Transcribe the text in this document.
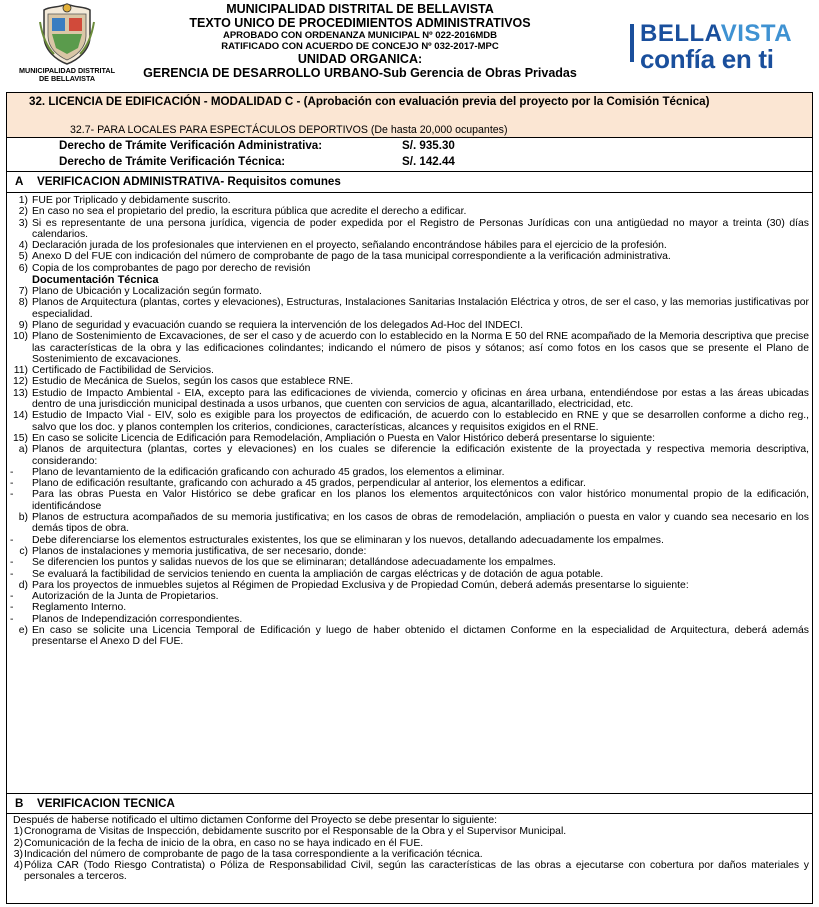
MUNICIPALIDAD DISTRITAL
DE BELLAVISTA
MUNICIPALIDAD DISTRITAL DE BELLAVISTA
TEXTO UNICO DE PROCEDIMIENTOS ADMINISTRATIVOS
APROBADO CON ORDENANZA MUNICIPAL Nº 022-2016MDB
RATIFICADO CON ACUERDO DE CONCEJO Nº 032-2017-MPC
UNIDAD ORGANICA:
GERENCIA DE DESARROLLO URBANO-Sub Gerencia de Obras Privadas
BELLAVISTA
confía en ti
32. LICENCIA DE EDIFICACIÓN - MODALIDAD C - (Aprobación con evaluación previa del proyecto por la Comisión Técnica)
32.7- PARA LOCALES PARA ESPECTÁCULOS DEPORTIVOS (De hasta 20,000 ocupantes)
Derecho de Trámite Verificación Administrativa:	S/. 935.30
Derecho de Trámite Verificación Técnica:	S/. 142.44
A VERIFICACION ADMINISTRATIVA- Requisitos comunes
1) FUE por Triplicado y debidamente suscrito.
2) En caso no sea el propietario del predio, la escritura pública que acredite el derecho a edificar.
3) Si es representante de una persona jurídica, vigencia de poder expedida por el Registro de Personas Jurídicas con una antigüedad no mayor a treinta (30) días calendarios.
4) Declaración jurada de los profesionales que intervienen en el proyecto, señalando encontrándose hábiles para el ejercicio de la profesión.
5) Anexo D del FUE con indicación del número de comprobante de pago de la tasa municipal correspondiente a la verificación administrativa.
6) Copia de los comprobantes de pago por derecho de revisión
Documentación Técnica
7) Plano de Ubicación y Localización según formato.
8) Planos de Arquitectura (plantas, cortes y elevaciones), Estructuras, Instalaciones Sanitarias Instalación Eléctrica y otros, de ser el caso, y las memorias justificativas por especialidad.
9) Plano de seguridad y evacuación cuando se requiera la intervención de los delegados Ad-Hoc del INDECI.
10) Plano de Sostenimiento de Excavaciones, de ser el caso y de acuerdo con lo establecido en la Norma E 50 del RNE acompañado de la Memoria descriptiva que precise las características de la obra y las edificaciones colindantes; indicando el número de pisos y sótanos; así como fotos en los casos que se presente el Plano de Sostenimiento de excavaciones.
11) Certificado de Factibilidad de Servicios.
12) Estudio de Mecánica de Suelos, según los casos que establece RNE.
13) Estudio de Impacto Ambiental - EIA, excepto para las edificaciones de vivienda, comercio y oficinas en área urbana, entendiéndose por estas a las áreas ubicadas dentro de una jurisdicción municipal destinada a usos urbanos, que cuenten con servicios de agua, alcantarillado, electricidad, etc.
14) Estudio de Impacto Vial - EIV, solo es exigible para los proyectos de edificación, de acuerdo con lo establecido en RNE y que se desarrollen conforme a dicho reg., salvo que los doc. y planos contemplen los criterios, condiciones, características, alcances y requisitos exigidos en el RNE.
15) En caso se solicite Licencia de Edificación para Remodelación, Ampliación o Puesta en Valor Histórico deberá presentarse lo siguiente:
a) Planos de arquitectura (plantas, cortes y elevaciones) en los cuales se diferencie la edificación existente de la proyectada y respectiva memoria descriptiva, considerando:
-	Plano de levantamiento de la edificación graficando con achurado 45 grados, los elementos a eliminar.
-	Plano de edificación resultante, graficando con achurado a 45 grados, perpendicular al anterior, los elementos a edificar.
-	Para las obras Puesta en Valor Histórico se debe graficar en los planos los elementos arquitectónicos con valor histórico monumental propio de la edificación, identificándose
b) Planos de estructura acompañados de su memoria justificativa; en los casos de obras de remodelación, ampliación o puesta en valor y cuando sea necesario en los demás tipos de obra.
-	Debe diferenciarse los elementos estructurales existentes, los que se eliminaran y los nuevos, detallando adecuadamente los empalmes.
c) Planos de instalaciones y memoria justificativa, de ser necesario, donde:
-	Se diferencien los puntos y salidas nuevos de los que se eliminaran; detallándose adecuadamente los empalmes.
-	Se evaluará la factibilidad de servicios teniendo en cuenta la ampliación de cargas eléctricas y de dotación de agua potable.
d) Para los proyectos de inmuebles sujetos al Régimen de Propiedad Exclusiva y de Propiedad Común, deberá además presentarse lo siguiente:
-	Autorización de la Junta de Propietarios.
-	Reglamento Interno.
-	Planos de Independización correspondientes.
e) En caso se solicite una Licencia Temporal de Edificación y luego de haber obtenido el dictamen Conforme en la especialidad de Arquitectura, deberá además presentarse el Anexo D del FUE.
B VERIFICACION TECNICA
Después de haberse notificado el ultimo dictamen Conforme del Proyecto se debe presentar lo siguiente:
1) Cronograma de Visitas de Inspección, debidamente suscrito por el Responsable de la Obra y el Supervisor Municipal.
2) Comunicación de la fecha de inicio de la obra, en caso no se haya indicado en él FUE.
3) Indicación del número de comprobante de pago de la tasa correspondiente a la verificación técnica.
4) Póliza CAR (Todo Riesgo Contratista) o Póliza de Responsabilidad Civil, según las características de las obras a ejecutarse con cobertura por daños materiales y personales a terceros.
